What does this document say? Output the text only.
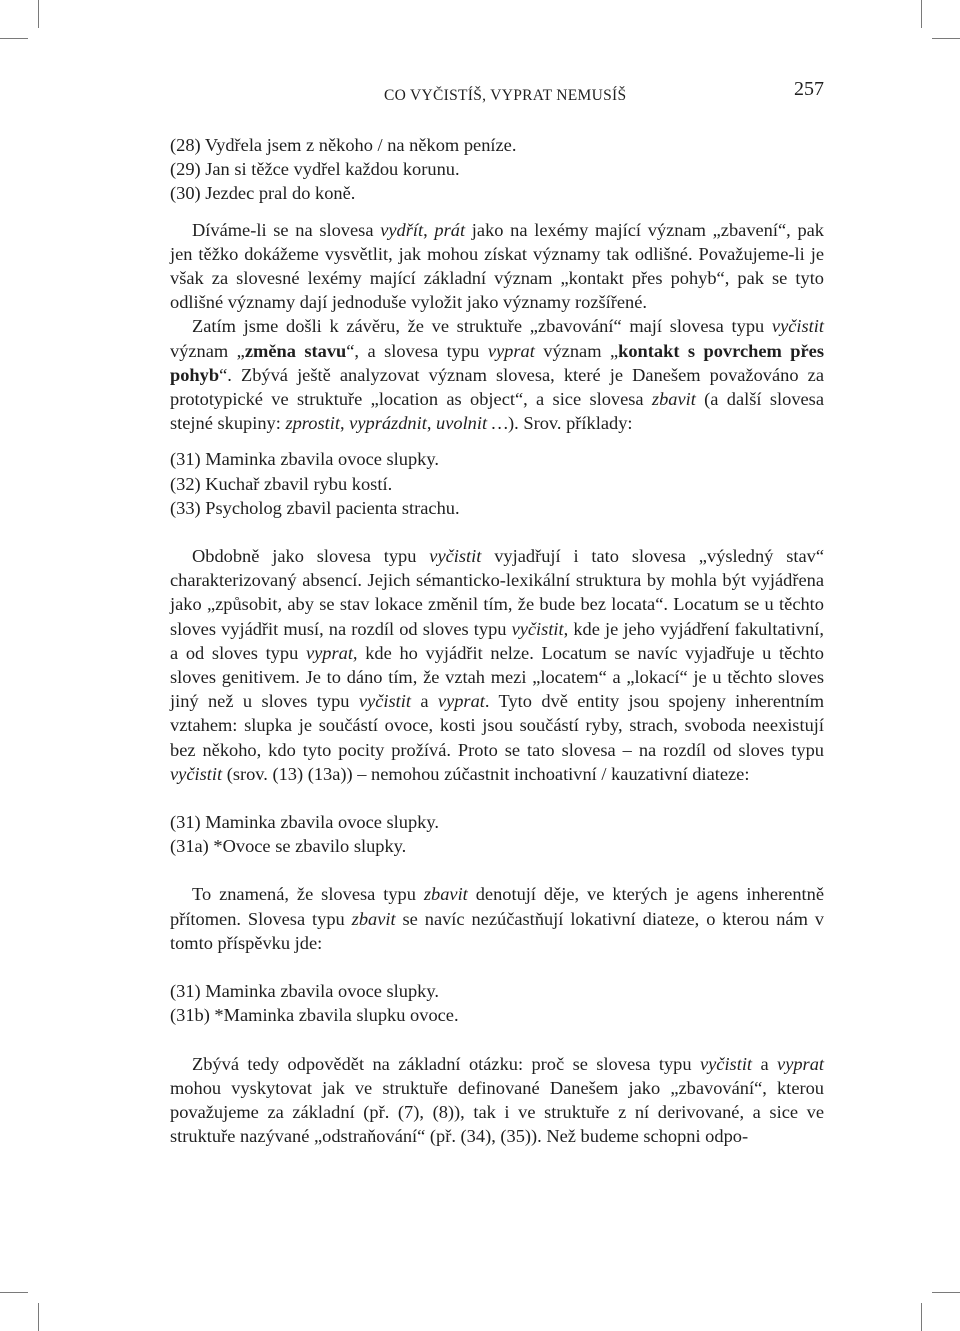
CO VYČISTÍŠ, VYPRAT NEMUSÍŠ	257
(28) Vydřela jsem z někoho / na někom peníze.
(29) Jan si těžce vydřel každou korunu.
(30) Jezdec pral do koně.

Díváme-li se na slovesa vydřít, prát jako na lexémy mající význam „zbavení“, pak jen těžko dokážeme vysvětlit, jak mohou získat významy tak odlišné. Považujeme-li je však za slovesné lexémy mající základní význam „kontakt přes pohyb“, pak se tyto odlišné významy dají jednoduše vyložit jako významy rozšířené.

Zatím jsme došli k závěru, že ve struktuře „zbavování“ mají slovesa typu vyčistit význam „změna stavu“, a slovesa typu vyprat význam „kontakt s povrchem přes pohyb“. Zbývá ještě analyzovat význam slovesa, které je Danešem považováno za prototypické ve struktuře „location as object“, a sice slovesa zbavit (a další slovesa stejné skupiny: zprostit, vyprázdnit, uvolnit …). Srov. příklady:

(31) Maminka zbavila ovoce slupky.
(32) Kuchař zbavil rybu kostí.
(33) Psycholog zbavil pacienta strachu.

Obdobně jako slovesa typu vyčistit vyjadřují i tato slovesa „výsledný stav“ charakterizovaný absencí. Jejich sémanticko-lexikální struktura by mohla být vyjádřena jako „způsobit, aby se stav lokace změnil tím, že bude bez locata“. Locatum se u těchto sloves vyjádřit musí, na rozdíl od sloves typu vyčistit, kde je jeho vyjádření fakultativní, a od sloves typu vyprat, kde ho vyjádřit nelze. Locatum se navíc vyjadřuje u těchto sloves genitivem. Je to dáno tím, že vztah mezi „locatem“ a „lokací“ je u těchto sloves jiný než u sloves typu vyčistit a vyprat. Tyto dvě entity jsou spojeny inherentním vztahem: slupka je součástí ovoce, kosti jsou součástí ryby, strach, svoboda neexistují bez někoho, kdo tyto pocity prožívá. Proto se tato slovesa – na rozdíl od sloves typu vyčistit (srov. (13) (13a)) – nemohou zúčastnit inchoativní / kauzativní diateze:

(31) Maminka zbavila ovoce slupky.
(31a) *Ovoce se zbavilo slupky.

To znamená, že slovesa typu zbavit denotují děje, ve kterých je agens inherentně přítomen. Slovesa typu zbavit se navíc nezúčastňují lokativní diateze, o kterou nám v tomto příspěvku jde:

(31) Maminka zbavila ovoce slupky.
(31b) *Maminka zbavila slupku ovoce.

Zbývá tedy odpovědět na základní otázku: proč se slovesa typu vyčistit a vyprat mohou vyskytovat jak ve struktuře definované Danešem jako „zbavování“, kterou považujeme za základní (př. (7), (8)), tak i ve struktuře z ní derivované, a sice ve struktuře nazývané „odstraňování“ (př. (34), (35)). Než budeme schopni odpo-
